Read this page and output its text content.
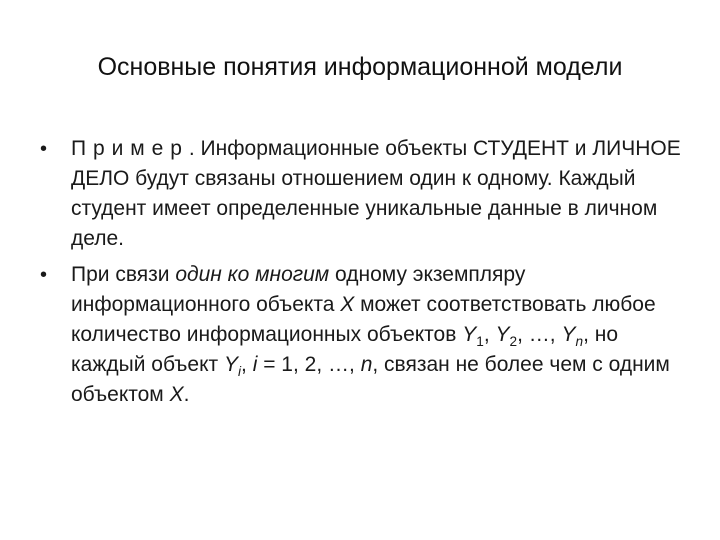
Основные понятия информационной модели
•	Пример. Информационные объекты СТУДЕНТ и ЛИЧНОЕ ДЕЛО будут связаны отношением один к одному. Каждый студент имеет определенные уникальные данные в личном деле.
•	При связи один ко многим одному экземпляру информационного объекта X может соответствовать любое количество информационных объектов $Y_1$, $Y_2$, …, $Y_n$, но каждый объект $Y_i$, i = 1, 2, …, n, связан не более чем с одним объектом X.
